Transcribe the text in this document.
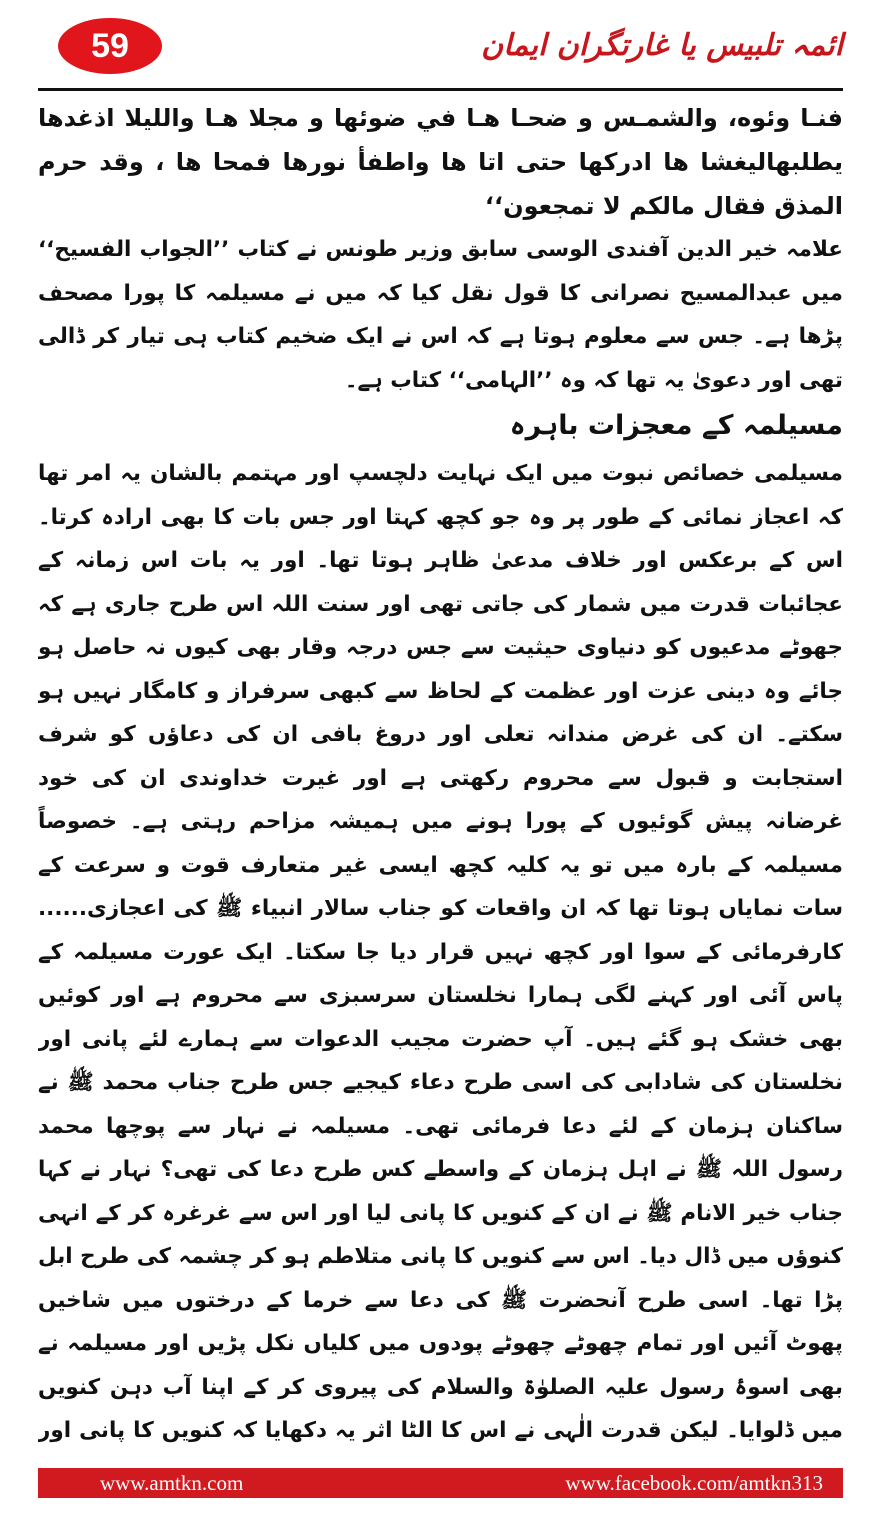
59	ائمہ تلبیس یا غارتگران ایمان

فنـا وئوه، والشمـس و ضحـا هـا في ضوئها و مجلا هـا والليلا اذغدها يطلبهاليغشا ها ادركها حتى اتا ها واطفأ نورها فمحا ها ، وقد حرم المذق فقال مالكم لا تمجعون‘‘

علامہ خیر الدین آفندی الوسی سابق وزیر طونس نے کتاب ’’الجواب الفسیح‘‘ میں عبدالمسیح نصرانی کا قول نقل کیا کہ میں نے مسیلمہ کا پورا مصحف پڑھا ہے۔ جس سے معلوم ہوتا ہے کہ اس نے ایک ضخیم کتاب ہی تیار کر ڈالی تھی اور دعویٰ یہ تھا کہ وہ ’’الہامی‘‘ کتاب ہے۔

مسیلمہ کے معجزات باہرہ

مسیلمی خصائص نبوت میں ایک نہایت دلچسپ اور مہتمم بالشان یہ امر تھا کہ اعجاز نمائی کے طور پر وہ جو کچھ کہتا اور جس بات کا بھی ارادہ کرتا۔ اس کے برعکس اور خلاف مدعیٰ ظاہر ہوتا تھا۔ اور یہ بات اس زمانہ کے عجائبات قدرت میں شمار کی جاتی تھی اور سنت اللہ اس طرح جاری ہے کہ جھوٹے مدعیوں کو دنیاوی حیثیت سے جس درجہ وقار بھی کیوں نہ حاصل ہو جائے وہ دینی عزت اور عظمت کے لحاظ سے کبھی سرفراز و کامگار نہیں ہو سکتے۔ ان کی غرض مندانہ تعلی اور دروغ بافی ان کی دعاؤں کو شرف استجابت و قبول سے محروم رکھتی ہے اور غیرت خداوندی ان کی خود غرضانہ پیش گوئیوں کے پورا ہونے میں ہمیشہ مزاحم رہتی ہے۔ خصوصاً مسیلمہ کے بارہ میں تو یہ کلیہ کچھ ایسی غیر متعارف قوت و سرعت کے سات نمایاں ہوتا تھا کہ ان واقعات کو جناب سالار انبیاء ﷺ کی اعجازی...... کارفرمائی کے سوا اور کچھ نہیں قرار دیا جا سکتا۔ ایک عورت مسیلمہ کے پاس آئی اور کہنے لگی ہمارا نخلستان سرسبزی سے محروم ہے اور کوئیں بھی خشک ہو گئے ہیں۔ آپ حضرت مجیب الدعوات سے ہمارے لئے پانی اور نخلستان کی شادابی کی اسی طرح دعاء کیجیے جس طرح جناب محمد ﷺ نے ساکنان ہزمان کے لئے دعا فرمائی تھی۔ مسیلمہ نے نہار سے پوچھا محمد رسول اللہ ﷺ نے اہل ہزمان کے واسطے کس طرح دعا کی تھی؟ نہار نے کہا جناب خیر الانام ﷺ نے ان کے کنویں کا پانی لیا اور اس سے غرغرہ کر کے انہی کنوؤں میں ڈال دیا۔ اس سے کنویں کا پانی متلاطم ہو کر چشمہ کی طرح ابل پڑا تھا۔ اسی طرح آنحضرت ﷺ کی دعا سے خرما کے درختوں میں شاخیں پھوٹ آئیں اور تمام چھوٹے چھوٹے پودوں میں کلیاں نکل پڑیں اور مسیلمہ نے بھی اسوۂ رسول علیہ الصلوٰۃ والسلام کی پیروی کر کے اپنا آب دہن کنویں میں ڈلوایا۔ لیکن قدرت الٰہی نے اس کا الٹا اثر یہ دکھایا کہ کنویں کا پانی اور

www.amtkn.com	www.facebook.com/amtkn313
